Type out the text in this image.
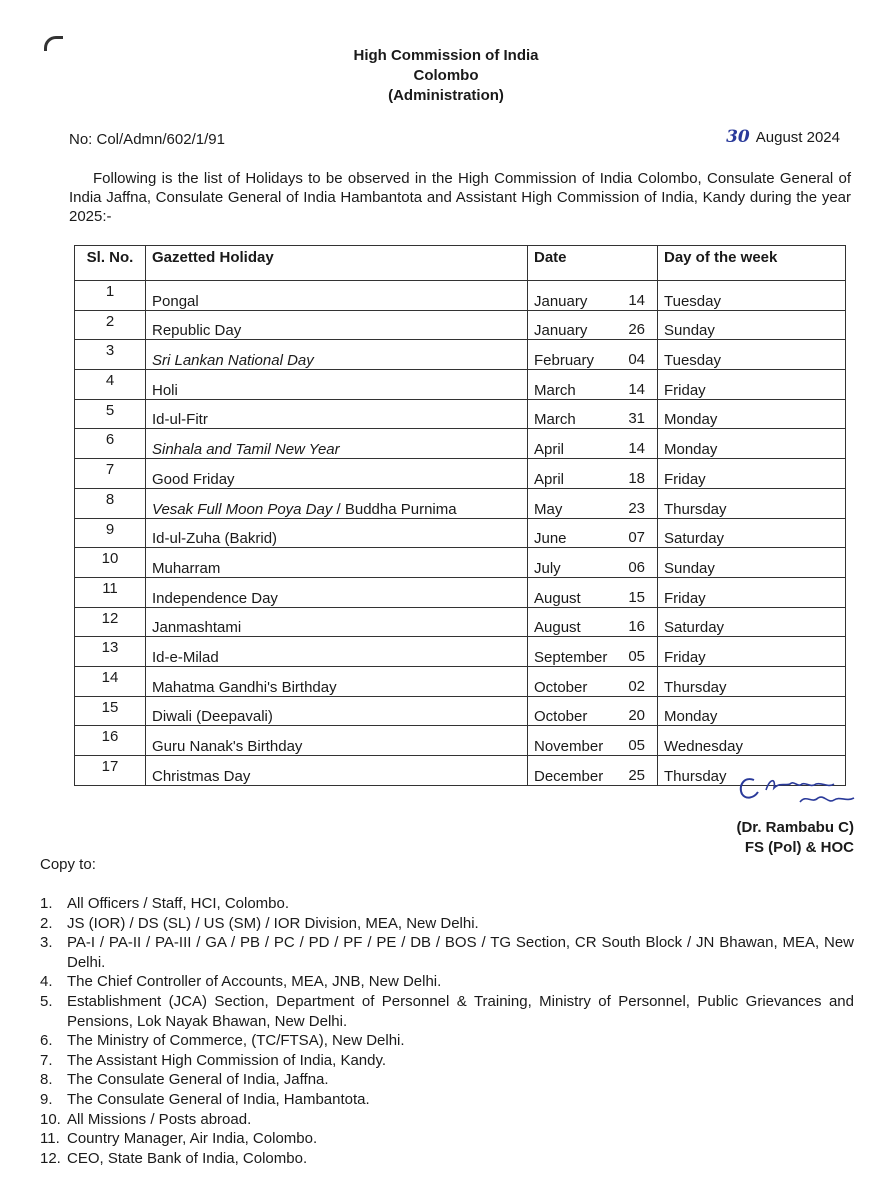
High Commission of India
Colombo
(Administration)
No: Col/Admn/602/1/91	30 August 2024
Following is the list of Holidays to be observed in the High Commission of India Colombo, Consulate General of India Jaffna, Consulate General of India Hambantota and Assistant High Commission of India, Kandy during the year 2025:-
Sl. No.	Gazetted Holiday	Date	Day of the week
1	Pongal	January 14	Tuesday
2	Republic Day	January 26	Sunday
3	Sri Lankan National Day	February 04	Tuesday
4	Holi	March 14	Friday
5	Id-ul-Fitr	March 31	Monday
6	Sinhala and Tamil New Year	April 14	Monday
7	Good Friday	April 18	Friday
8	Vesak Full Moon Poya Day / Buddha Purnima	May 23	Thursday
9	Id-ul-Zuha (Bakrid)	June 07	Saturday
10	Muharram	July 06	Sunday
11	Independence Day	August 15	Friday
12	Janmashtami	August 16	Saturday
13	Id-e-Milad	September 05	Friday
14	Mahatma Gandhi's Birthday	October 02	Thursday
15	Diwali (Deepavali)	October 20	Monday
16	Guru Nanak's Birthday	November 05	Wednesday
17	Christmas Day	December 25	Thursday
(Dr. Rambabu C)
FS (Pol) & HOC
Copy to:
1. All Officers / Staff, HCI, Colombo.
2. JS (IOR) / DS (SL) / US (SM) / IOR Division, MEA, New Delhi.
3. PA-I / PA-II / PA-III / GA / PB / PC / PD / PF / PE / DB / BOS / TG Section, CR South Block / JN Bhawan, MEA, New Delhi.
4. The Chief Controller of Accounts, MEA, JNB, New Delhi.
5. Establishment (JCA) Section, Department of Personnel & Training, Ministry of Personnel, Public Grievances and Pensions, Lok Nayak Bhawan, New Delhi.
6. The Ministry of Commerce, (TC/FTSA), New Delhi.
7. The Assistant High Commission of India, Kandy.
8. The Consulate General of India, Jaffna.
9. The Consulate General of India, Hambantota.
10. All Missions / Posts abroad.
11. Country Manager, Air India, Colombo.
12. CEO, State Bank of India, Colombo.
